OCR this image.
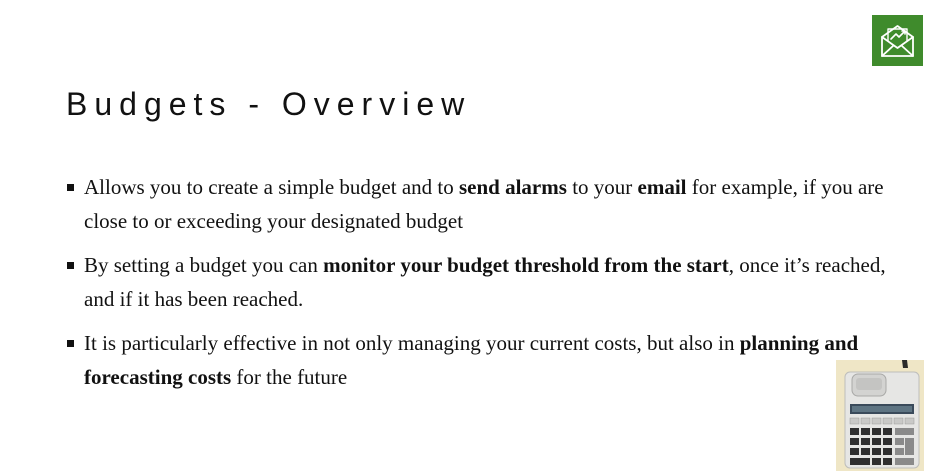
Budgets - Overview
Allows you to create a simple budget and to send alarms to your email for example, if you are close to or exceeding your designated budget
By setting a budget you can monitor your budget threshold from the start, once it’s reached, and if it has been reached.
It is particularly effective in not only managing your current costs, but also in planning and forecasting costs for the future
